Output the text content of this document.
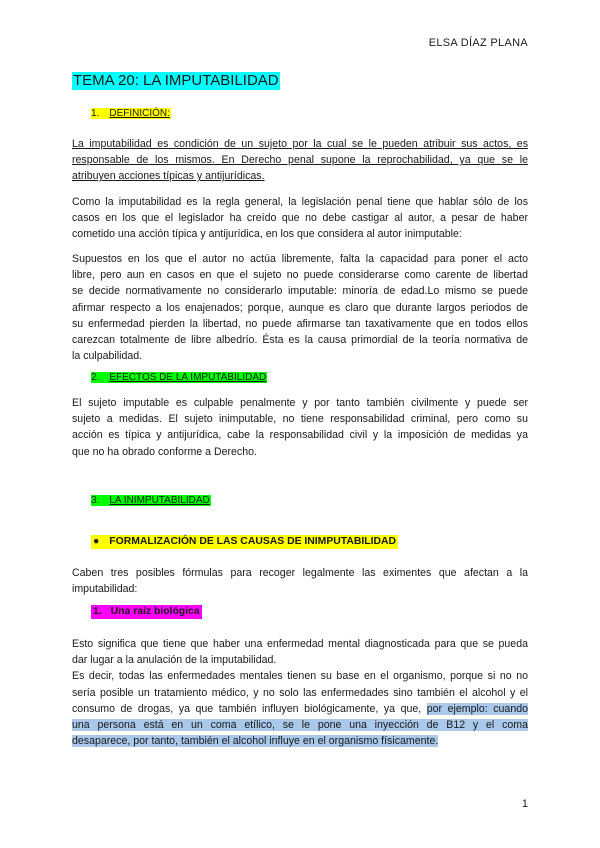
ELSA DÍAZ PLANA
TEMA 20: LA IMPUTABILIDAD
1. DEFINICIÓN:
La imputabilidad es condición de un sujeto por la cual se le pueden atribuir sus actos, es
responsable de los mismos. En Derecho penal supone la reprochabilidad, ya que se le
atribuyen acciones típicas y antijurídicas.
Como la imputabilidad es la regla general, la legislación penal tiene que hablar sólo de los
casos en los que el legislador ha creído que no debe castigar al autor, a pesar de haber
cometido una acción típica y antijurídica, en los que considera al autor inimputable:
Supuestos en los que el autor no actúa libremente, falta la capacidad para poner el acto
libre, pero aun en casos en que el sujeto no puede considerarse como carente de libertad
se decide normativamente no considerarlo imputable: minoría de edad.Lo mismo se puede
afirmar respecto a los enajenados; porque, aunque es claro que durante largos periodos de
su enfermedad pierden la libertad, no puede afirmarse tan taxativamente que en todos ellos
carezcan totalmente de libre albedrío. Ésta es la causa primordial de la teoría normativa de
la culpabilidad.
2. EFECTOS DE LA IMPUTABILIDAD
El sujeto imputable es culpable penalmente y por tanto también civilmente y puede ser
sujeto a medidas. El sujeto inimputable, no tiene responsabilidad criminal, pero como su
acción es típica y antijurídica, cabe la responsabilidad civil y la imposición de medidas ya
que no ha obrado conforme a Derecho.
3. LA INIMPUTABILIDAD
● FORMALIZACIÓN DE LAS CAUSAS DE INIMPUTABILIDAD
Caben tres posibles fórmulas para recoger legalmente las eximentes que afectan a la
imputabilidad:
1. Una raíz biológica
Esto significa que tiene que haber una enfermedad mental diagnosticada para que se pueda
dar lugar a la anulación de la imputabilidad.
Es decir, todas las enfermedades mentales tienen su base en el organismo, porque si no no
sería posible un tratamiento médico, y no solo las enfermedades sino también el alcohol y el
consumo de drogas, ya que también influyen biológicamente, ya que, por ejemplo: cuando
una persona está en un coma etílico, se le pone una inyección de B12 y el coma
desaparece, por tanto, también el alcohol influye en el organismo físicamente.
1
